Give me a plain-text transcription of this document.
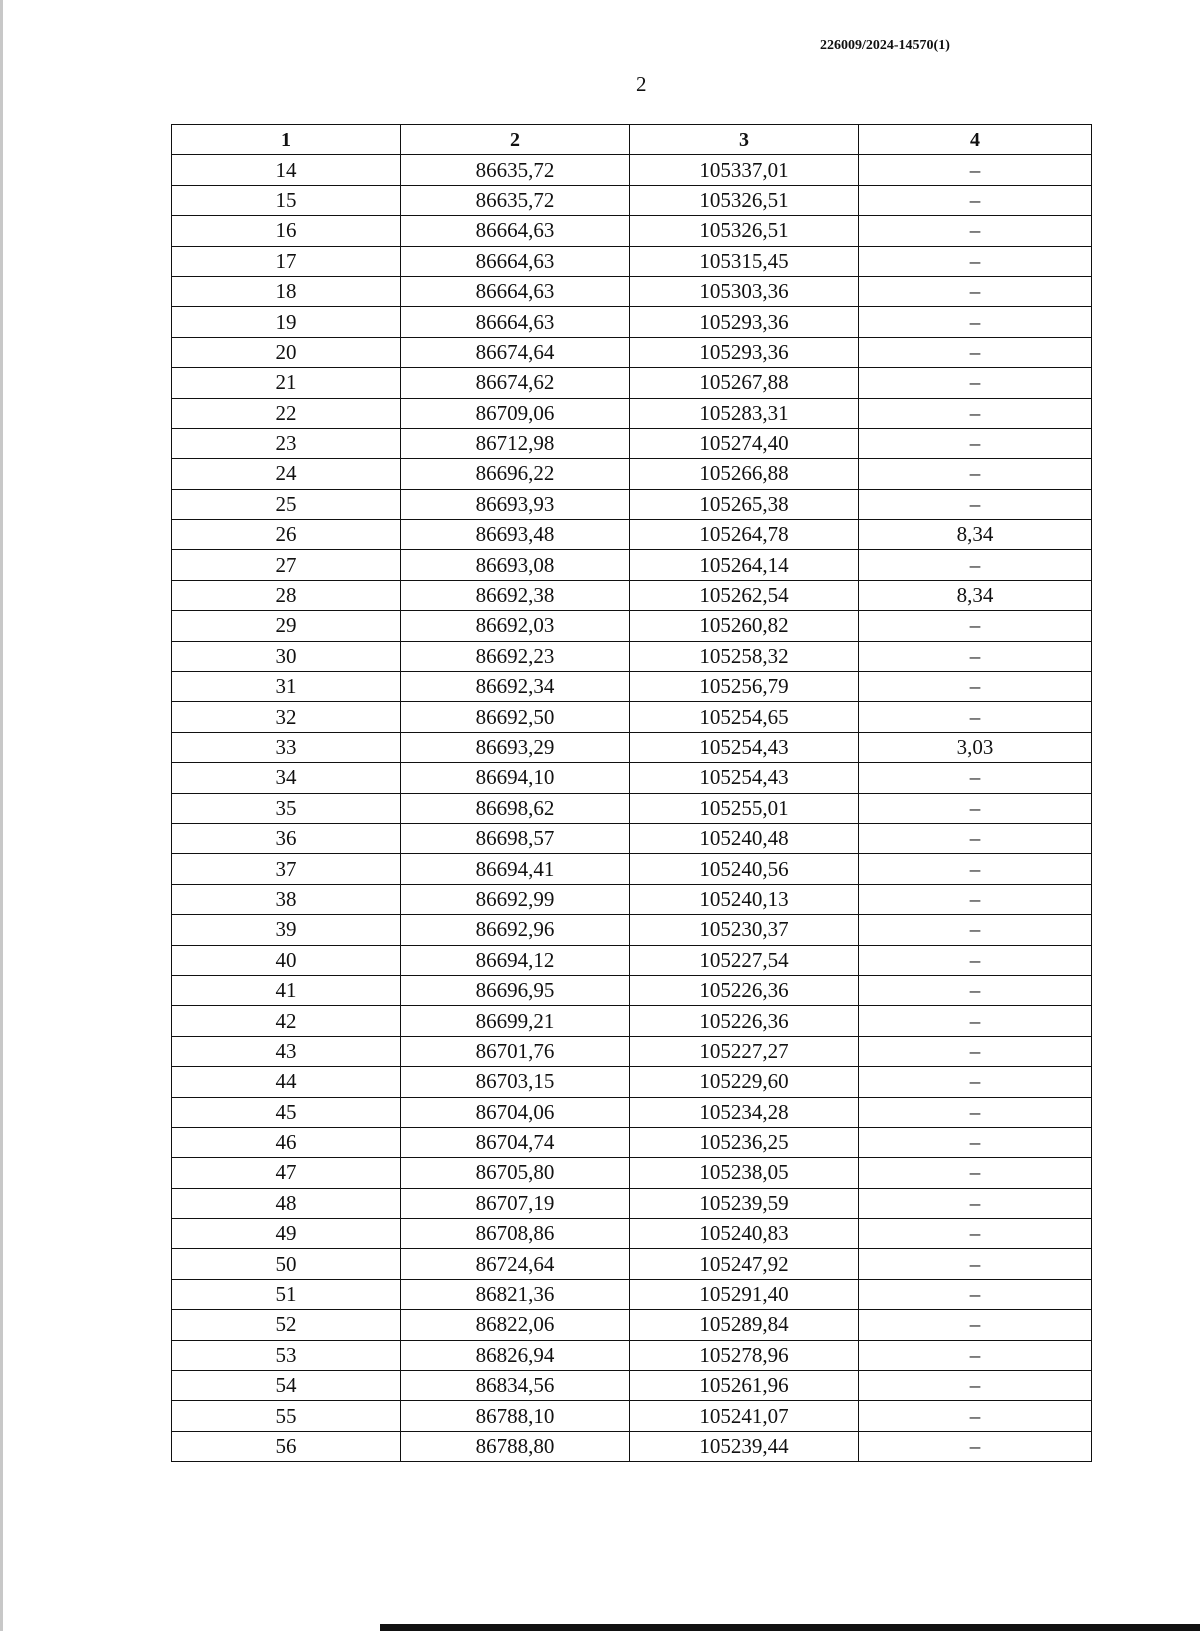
226009/2024-14570(1)
2
1	2	3	4
14	86635,72	105337,01	–
15	86635,72	105326,51	–
16	86664,63	105326,51	–
17	86664,63	105315,45	–
18	86664,63	105303,36	–
19	86664,63	105293,36	–
20	86674,64	105293,36	–
21	86674,62	105267,88	–
22	86709,06	105283,31	–
23	86712,98	105274,40	–
24	86696,22	105266,88	–
25	86693,93	105265,38	–
26	86693,48	105264,78	8,34
27	86693,08	105264,14	–
28	86692,38	105262,54	8,34
29	86692,03	105260,82	–
30	86692,23	105258,32	–
31	86692,34	105256,79	–
32	86692,50	105254,65	–
33	86693,29	105254,43	3,03
34	86694,10	105254,43	–
35	86698,62	105255,01	–
36	86698,57	105240,48	–
37	86694,41	105240,56	–
38	86692,99	105240,13	–
39	86692,96	105230,37	–
40	86694,12	105227,54	–
41	86696,95	105226,36	–
42	86699,21	105226,36	–
43	86701,76	105227,27	–
44	86703,15	105229,60	–
45	86704,06	105234,28	–
46	86704,74	105236,25	–
47	86705,80	105238,05	–
48	86707,19	105239,59	–
49	86708,86	105240,83	–
50	86724,64	105247,92	–
51	86821,36	105291,40	–
52	86822,06	105289,84	–
53	86826,94	105278,96	–
54	86834,56	105261,96	–
55	86788,10	105241,07	–
56	86788,80	105239,44	–
